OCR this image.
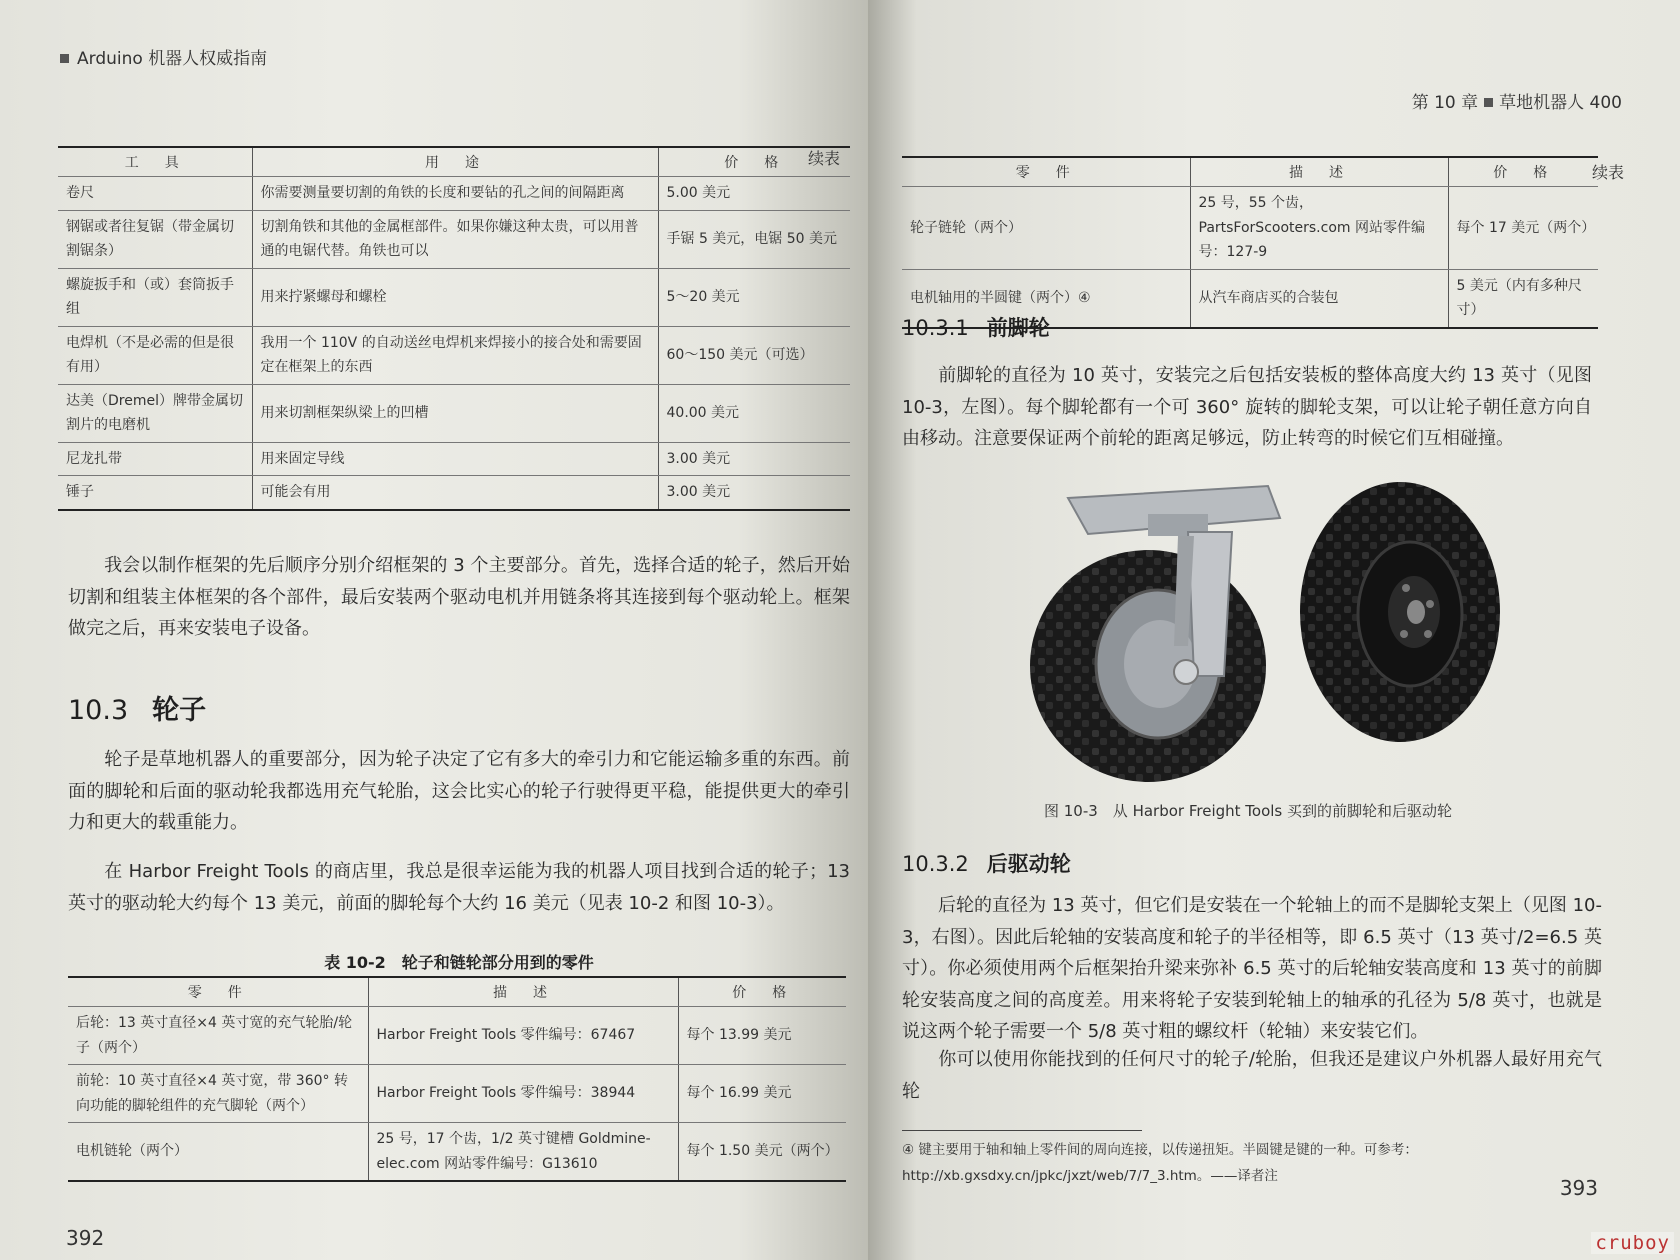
Arduino 机器人权威指南
续表
工　具	用　途	价　格
卷尺	你需要测量要切割的角铁的长度和要钻的孔之间的间隔距离	5.00 美元
钢锯或者往复锯（带金属切割锯条）	切割角铁和其他的金属框部件。如果你嫌这种太贵，可以用普通的电锯代替。角铁也可以	手锯 5 美元，电锯 50 美元
螺旋扳手和（或）套筒扳手组	用来拧紧螺母和螺栓	5～20 美元
电焊机（不是必需的但是很有用）	我用一个 110V 的自动送丝电焊机来焊接小的接合处和需要固定在框架上的东西	60～150 美元（可选）
达美（Dremel）牌带金属切割片的电磨机	用来切割框架纵梁上的凹槽	40.00 美元
尼龙扎带	用来固定导线	3.00 美元
锤子	可能会有用	3.00 美元
我会以制作框架的先后顺序分别介绍框架的 3 个主要部分。首先，选择合适的轮子，然后开始切割和组装主体框架的各个部件，最后安装两个驱动电机并用链条将其连接到每个驱动轮上。框架做完之后，再来安装电子设备。
10.3 轮子
轮子是草地机器人的重要部分，因为轮子决定了它有多大的牵引力和它能运输多重的东西。前面的脚轮和后面的驱动轮我都选用充气轮胎，这会比实心的轮子行驶得更平稳，能提供更大的牵引力和更大的载重能力。
在 Harbor Freight Tools 的商店里，我总是很幸运能为我的机器人项目找到合适的轮子；13 英寸的驱动轮大约每个 13 美元，前面的脚轮每个大约 16 美元（见表 10-2 和图 10-3）。
表 10-2　轮子和链轮部分用到的零件
零　件	描　述	价　格
后轮：13 英寸直径×4 英寸宽的充气轮胎/轮子（两个）	Harbor Freight Tools 零件编号：67467	每个 13.99 美元
前轮：10 英寸直径×4 英寸宽，带 360° 转向功能的脚轮组件的充气脚轮（两个）	Harbor Freight Tools 零件编号：38944	每个 16.99 美元
电机链轮（两个）	25 号，17 个齿，1/2 英寸键槽 Goldmine-elec.com 网站零件编号：G13610	每个 1.50 美元（两个）
392
第 10 章 草地机器人 400
续表
零　件	描　述	价　格
轮子链轮（两个）	25 号，55 个齿，PartsForScooters.com 网站零件编号：127-9	每个 17 美元（两个）
电机轴用的半圆键（两个）④	从汽车商店买的合装包	5 美元（内有多种尺寸）
10.3.1 前脚轮
前脚轮的直径为 10 英寸，安装完之后包括安装板的整体高度大约 13 英寸（见图 10-3，左图）。每个脚轮都有一个可 360° 旋转的脚轮支架，可以让轮子朝任意方向自由移动。注意要保证两个前轮的距离足够远，防止转弯的时候它们互相碰撞。
图 10-3　从 Harbor Freight Tools 买到的前脚轮和后驱动轮
10.3.2 后驱动轮
后轮的直径为 13 英寸，但它们是安装在一个轮轴上的而不是脚轮支架上（见图 10-3，右图）。因此后轮轴的安装高度和轮子的半径相等，即 6.5 英寸（13 英寸/2=6.5 英寸）。你必须使用两个后框架抬升梁来弥补 6.5 英寸的后轮轴安装高度和 13 英寸的前脚轮安装高度之间的高度差。用来将轮子安装到轮轴上的轴承的孔径为 5/8 英寸，也就是说这两个轮子需要一个 5/8 英寸粗的螺纹杆（轮轴）来安装它们。
你可以使用你能找到的任何尺寸的轮子/轮胎，但我还是建议户外机器人最好用充气轮
④ 键主要用于轴和轴上零件间的周向连接，以传递扭矩。半圆键是键的一种。可参考：http://xb.gxsdxy.cn/jpkc/jxzt/web/7/7_3.htm。——译者注
393
cruboy
